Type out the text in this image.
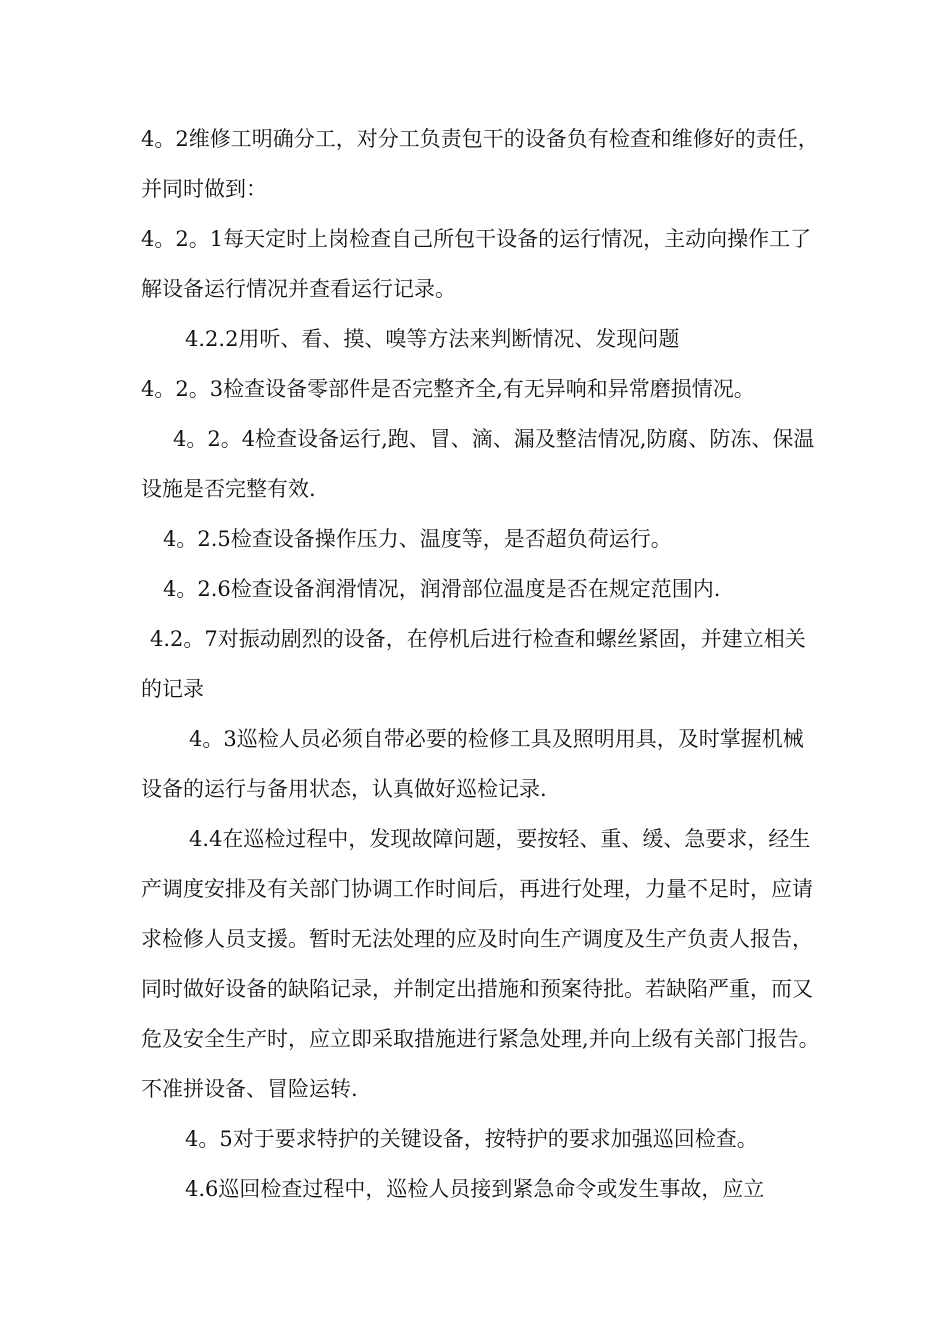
4。2维修工明确分工，对分工负责包干的设备负有检查和维修好的责任，并同时做到：

4。2。1每天定时上岗检查自己所包干设备的运行情况，主动向操作工了解设备运行情况并查看运行记录。

4.2.2用听、看、摸、嗅等方法来判断情况、发现问题

4。2。3检查设备零部件是否完整齐全,有无异响和异常磨损情况。

4。2。4检查设备运行,跑、冒、滴、漏及整洁情况,防腐、防冻、保温设施是否完整有效.

4。2.5检查设备操作压力、温度等，是否超负荷运行。

4。2.6检查设备润滑情况，润滑部位温度是否在规定范围内.

4.2。7对振动剧烈的设备，在停机后进行检查和螺丝紧固，并建立相关的记录

4。3巡检人员必须自带必要的检修工具及照明用具，及时掌握机械设备的运行与备用状态，认真做好巡检记录.

4.4在巡检过程中，发现故障问题，要按轻、重、缓、急要求，经生产调度安排及有关部门协调工作时间后，再进行处理，力量不足时，应请求检修人员支援。暂时无法处理的应及时向生产调度及生产负责人报告，同时做好设备的缺陷记录，并制定出措施和预案待批。若缺陷严重，而又危及安全生产时，应立即采取措施进行紧急处理,并向上级有关部门报告。不准拼设备、冒险运转.

4。5对于要求特护的关键设备，按特护的要求加强巡回检查。

4.6巡回检查过程中，巡检人员接到紧急命令或发生事故，应立
